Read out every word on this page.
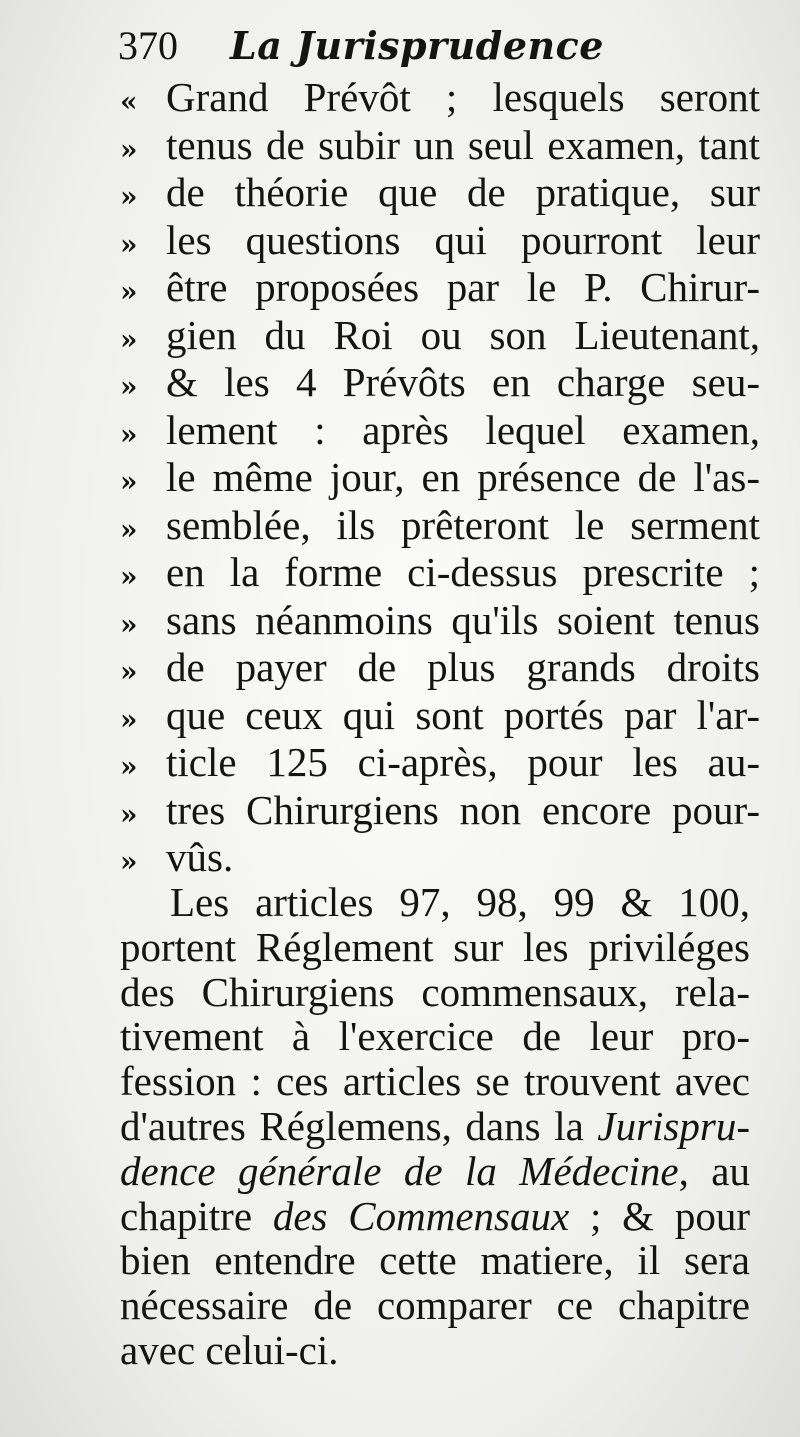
370 La Jurisprudence
« Grand Prévôt ; lesquels seront
» tenus de subir un seul examen, tant
» de théorie que de pratique, sur
» les questions qui pourront leur
» être proposées par le P. Chirur-
» gien du Roi ou son Lieutenant,
» & les 4 Prévôts en charge seu-
» lement : après lequel examen,
» le même jour, en présence de l'as-
» semblée, ils prêteront le serment
» en la forme ci-dessus prescrite ;
» sans néanmoins qu'ils soient tenus
» de payer de plus grands droits
» que ceux qui sont portés par l'ar-
» ticle 125 ci-après, pour les au-
» tres Chirurgiens non encore pour-
» vûs.
Les articles 97, 98, 99 & 100,
portent Réglement sur les priviléges
des Chirurgiens commensaux, rela-
tivement à l'exercice de leur pro-
fession : ces articles se trouvent avec
d'autres Réglemens, dans la Jurispru-
dence générale de la Médecine, au
chapitre des Commensaux ; & pour
bien entendre cette matiere, il sera
nécessaire de comparer ce chapitre
avec celui-ci.
